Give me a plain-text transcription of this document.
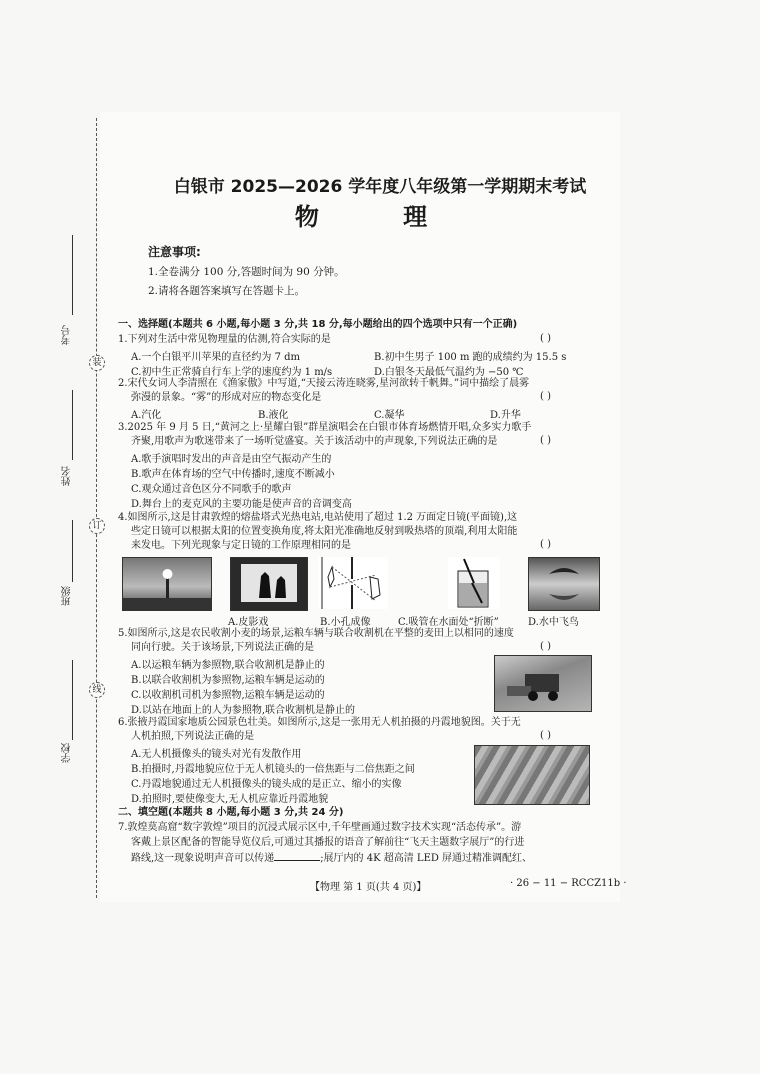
考号
姓名
班级
学校
装
订
线
白银市 2025—2026 学年度八年级第一学期期末考试
物 理
注意事项:
1.全卷满分 100 分,答题时间为 90 分钟。
2.请将各题答案填写在答题卡上。
一、选择题(本题共 6 小题,每小题 3 分,共 18 分,每小题给出的四个选项中只有一个正确)
1.下列对生活中常见物理量的估测,符合实际的是	( )
A.一个白银平川苹果的直径约为 7 dm	B.初中生男子 100 m 跑的成绩约为 15.5 s
C.初中生正常骑自行车上学的速度约为 1 m/s	D.白银冬天最低气温约为 −50 ℃
2.宋代女词人李清照在《渔家傲》中写道,“天接云涛连晓雾,星河欲转千帆舞。”词中描绘了晨雾
弥漫的景象。“雾”的形成对应的物态变化是	( )
A.汽化	B.液化	C.凝华	D.升华
3.2025 年 9 月 5 日,“黄河之上·星耀白银”群星演唱会在白银市体育场燃情开唱,众多实力歌手
齐聚,用歌声为歌迷带来了一场听觉盛宴。关于该活动中的声现象,下列说法正确的是	( )
A.歌手演唱时发出的声音是由空气振动产生的
B.歌声在体育场的空气中传播时,速度不断减小
C.观众通过音色区分不同歌手的歌声
D.舞台上的麦克风的主要功能是使声音的音调变高
4.如图所示,这是甘肃敦煌的熔盐塔式光热电站,电站使用了超过 1.2 万面定日镜(平面镜),这
些定日镜可以根据太阳的位置变换角度,将太阳光准确地反射到吸热塔的顶端,利用太阳能
来发电。下列光现象与定日镜的工作原理相同的是	( )
A.皮影戏	B.小孔成像	C.吸管在水面处“折断”	D.水中飞鸟
5.如图所示,这是农民收割小麦的场景,运粮车辆与联合收割机在平整的麦田上以相同的速度
同向行驶。关于该场景,下列说法正确的是	( )
A.以运粮车辆为参照物,联合收割机是静止的
B.以联合收割机为参照物,运粮车辆是运动的
C.以收割机司机为参照物,运粮车辆是运动的
D.以站在地面上的人为参照物,联合收割机是静止的
6.张掖丹霞国家地质公园景色壮美。如图所示,这是一张用无人机拍摄的丹霞地貌图。关于无
人机拍照,下列说法正确的是	( )
A.无人机摄像头的镜头对光有发散作用
B.拍摄时,丹霞地貌应位于无人机镜头的一倍焦距与二倍焦距之间
C.丹霞地貌通过无人机摄像头的镜头成的是正立、缩小的实像
D.拍照时,要使像变大,无人机应靠近丹霞地貌
二、填空题(本题共 8 小题,每小题 3 分,共 24 分)
7.敦煌莫高窟“数字敦煌”项目的沉浸式展示区中,千年壁画通过数字技术实现“活态传承”。游
客戴上景区配备的智能导览仪后,可通过其播报的语音了解前往“飞天主题数字展厅”的行进
路线,这一现象说明声音可以传递	;展厅内的 4K 超高清 LED 屏通过精准调配红、
【物理 第 1 页(共 4 页)】	· 26 − 11 − RCCZ11b ·
